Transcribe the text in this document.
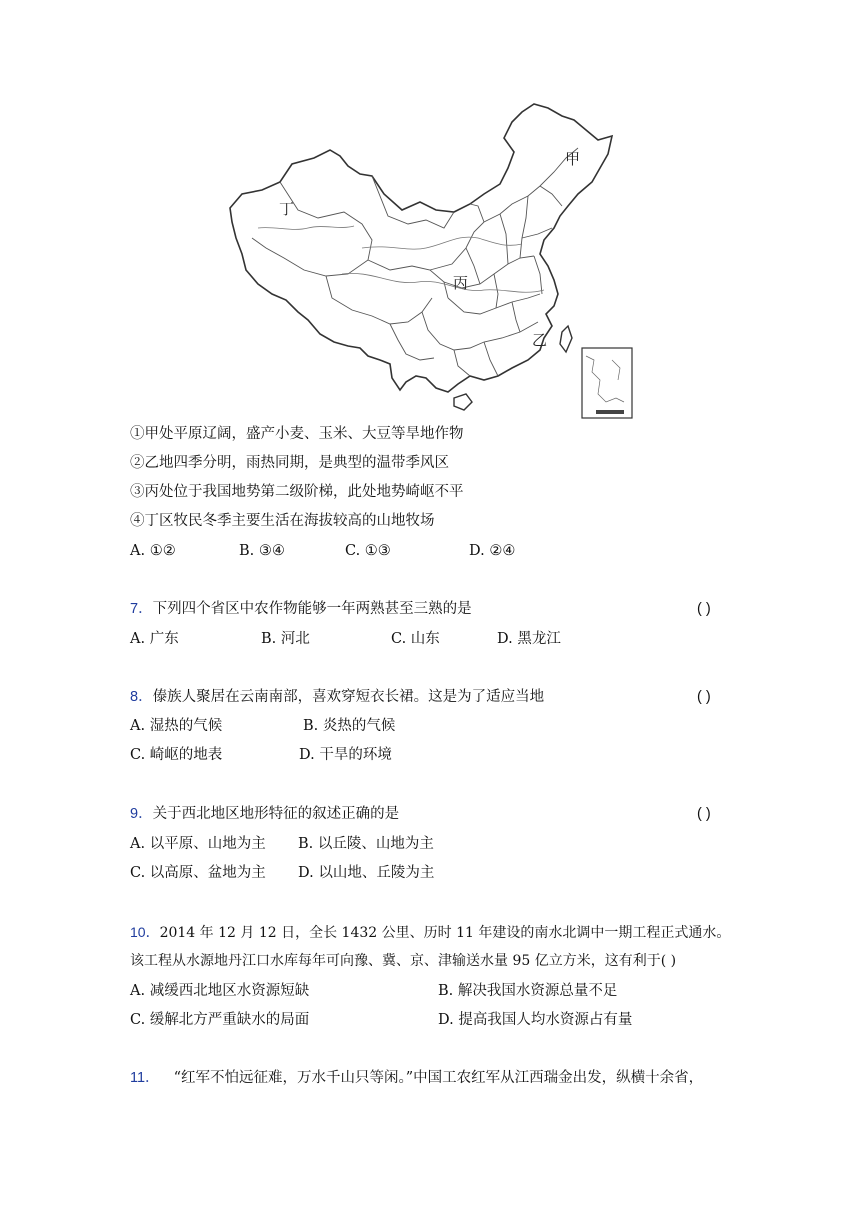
甲
丁
丙
乙
①甲处平原辽阔，盛产小麦、玉米、大豆等旱地作物
②乙地四季分明，雨热同期，是典型的温带季风区
③丙处位于我国地势第二级阶梯，此处地势崎岖不平
④丁区牧民冬季主要生活在海拔较高的山地牧场
A. ①②	B. ③④	C. ①③	D. ②④
7．下列四个省区中农作物能够一年两熟甚至三熟的是	( )
A. 广东	B. 河北	C. 山东	D. 黑龙江
8．傣族人聚居在云南南部，喜欢穿短衣长裙。这是为了适应当地	( )
A. 湿热的气候	B. 炎热的气候
C. 崎岖的地表	D. 干旱的环境
9．关于西北地区地形特征的叙述正确的是	( )
A. 以平原、山地为主 B. 以丘陵、山地为主
C. 以高原、盆地为主 D. 以山地、丘陵为主
10．2014 年 12 月 12 日，全长 1432 公里、历时 11 年建设的南水北调中一期工程正式通水。
该工程从水源地丹江口水库每年可向豫、冀、京、津输送水量 95 亿立方米，这有利于( )
A. 减缓西北地区水资源短缺	B. 解决我国水资源总量不足
C. 缓解北方严重缺水的局面	D. 提高我国人均水资源占有量
11． “红军不怕远征难，万水千山只等闲。”中国工农红军从江西瑞金出发，纵横十余省，
